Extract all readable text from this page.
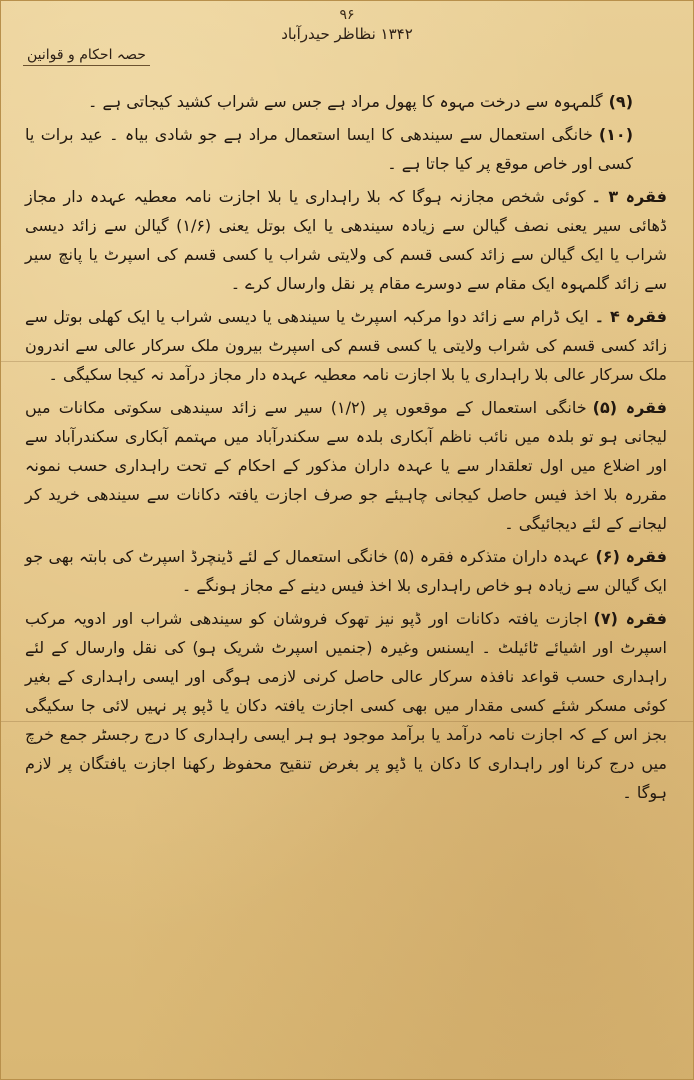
۹۶
۱۳۴۲ نظاظر حیدرآباد
حصہ احکام و قوانین

(۹)گلمہوہ سے درخت مہوہ کا پھول مراد ہے جس سے شراب کشید کیجاتی ہے ۔

(۱۰)خانگی استعمال سے سیندھی کا ایسا استعمال مراد ہے جو شادی بیاہ ۔ عید برات یا کسی اور خاص موقع پر کیا جاتا ہے ۔

فقرہ ۳ ۔کوئی شخص مجازنہ ہوگا کہ بلا راہداری یا بلا اجازت نامہ معطیہ عہدہ دار مجاز ڈھائی سیر یعنی نصف گیالن سے زیادہ سیندھی یا ایک بوتل یعنی (۱/۶) گیالن سے زائد دیسی شراب یا ایک گیالن سے زائد کسی قسم کی ولایتی شراب یا کسی قسم کی اسپرٹ یا پانچ سیر سے زائد گلمہوہ ایک مقام سے دوسرے مقام پر نقل وارسال کرے ۔

فقرہ ۴ ۔ایک ڈرام سے زائد دوا مرکبہ اسپرٹ یا سیندھی یا دیسی شراب یا ایک کھلی بوتل سے زائد کسی قسم کی شراب ولایتی یا کسی قسم کی اسپرٹ بیرون ملک سرکار عالی سے اندرون ملک سرکار عالی بلا راہداری یا بلا اجازت نامہ معطیہ عہدہ دار مجاز درآمد نہ کیجا سکیگی ۔

فقرہ (۵)خانگی استعمال کے موقعوں پر (۱/۲) سیر سے زائد سیندھی سکوتی مکانات میں لیجانی ہو تو بلدہ میں نائب ناظم آبکاری بلدہ سے سکندرآباد میں مہتمم آبکاری سکندرآباد سے اور اضلاع میں اول تعلقدار سے یا عہدہ داران مذکور کے احکام کے تحت راہداری حسب نمونہ مقررہ بلا اخذ فیس حاصل کیجانی چاہیئے جو صرف اجازت یافتہ دکانات سے سیندھی خرید کر لیجانے کے لئے دیجائیگی ۔

فقرہ (۶)عہدہ داران متذکرہ فقرہ (۵) خانگی استعمال کے لئے ڈینچرڈ اسپرٹ کی بابتہ بھی جو ایک گیالن سے زیادہ ہو خاص راہداری بلا اخذ فیس دینے کے مجاز ہونگے ۔

فقرہ (۷)اجازت یافتہ دکانات اور ڈپو نیز تھوک فروشان کو سیندھی شراب اور ادویہ مرکب اسپرٹ اور اشیائے ٹائیلٹ ۔ ایسنس وغیرہ (جنمیں اسپرٹ شریک ہو) کی نقل وارسال کے لئے راہداری حسب قواعد نافذہ سرکار عالی حاصل کرنی لازمی ہوگی اور ایسی راہداری کے بغیر کوئی مسکر شئے کسی مقدار میں بھی کسی اجازت یافتہ دکان یا ڈپو پر نہیں لائی جا سکیگی بجز اس کے کہ اجازت نامہ درآمد یا برآمد موجود ہو ہر ایسی راہداری کا درج رجسٹر جمع خرچ میں درج کرنا اور راہداری کا دکان یا ڈپو پر بغرض تنقیح محفوظ رکھنا اجازت یافتگان پر لازم ہوگا ۔
